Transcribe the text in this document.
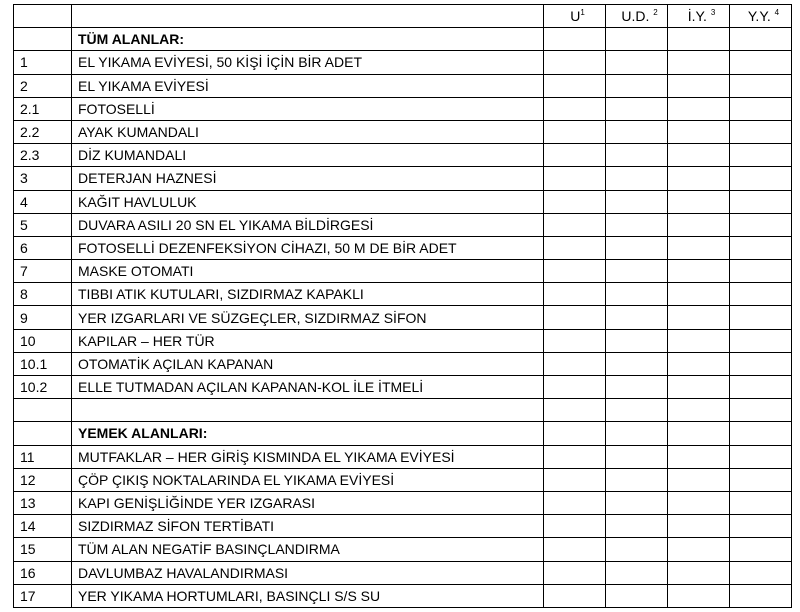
		$U^1$	U.D. $^2$	İ.Y. $^3$	Y.Y. $^4$
	TÜM ALANLAR:				
1	EL YIKAMA EVİYESİ, 50 KİŞİ İÇİN BİR ADET				
2	EL YIKAMA EVİYESİ				
2.1	FOTOSELLİ				
2.2	AYAK KUMANDALI				
2.3	DİZ KUMANDALI				
3	DETERJAN HAZNESİ				
4	KAĞIT HAVLULUK				
5	DUVARA ASILI 20 SN EL YIKAMA BİLDİRGESİ				
6	FOTOSELLİ DEZENFEKSİYON CİHAZI, 50 M DE BİR ADET				
7	MASKE OTOMATI				
8	TIBBI ATIK KUTULARI, SIZDIRMAZ KAPAKLI				
9	YER IZGARLARI VE SÜZGEÇLER, SIZDIRMAZ SİFON				
10	KAPILAR – HER TÜR				
10.1	OTOMATİK AÇILAN KAPANAN				
10.2	ELLE TUTMADAN AÇILAN KAPANAN-KOL İLE İTMELİ				

	YEMEK ALANLARI:				
11	MUTFAKLAR – HER GİRİŞ KISMINDA EL YIKAMA EVİYESİ				
12	ÇÖP ÇIKIŞ NOKTALARINDA EL YIKAMA EVİYESİ				
13	KAPI GENİŞLİĞİNDE YER IZGARASI				
14	SIZDIRMAZ SİFON TERTİBATI				
15	TÜM ALAN NEGATİF BASINÇLANDIRMA				
16	DAVLUMBAZ HAVALANDIRMASI				
17	YER YIKAMA HORTUMLARI, BASINÇLI S/S SU				
